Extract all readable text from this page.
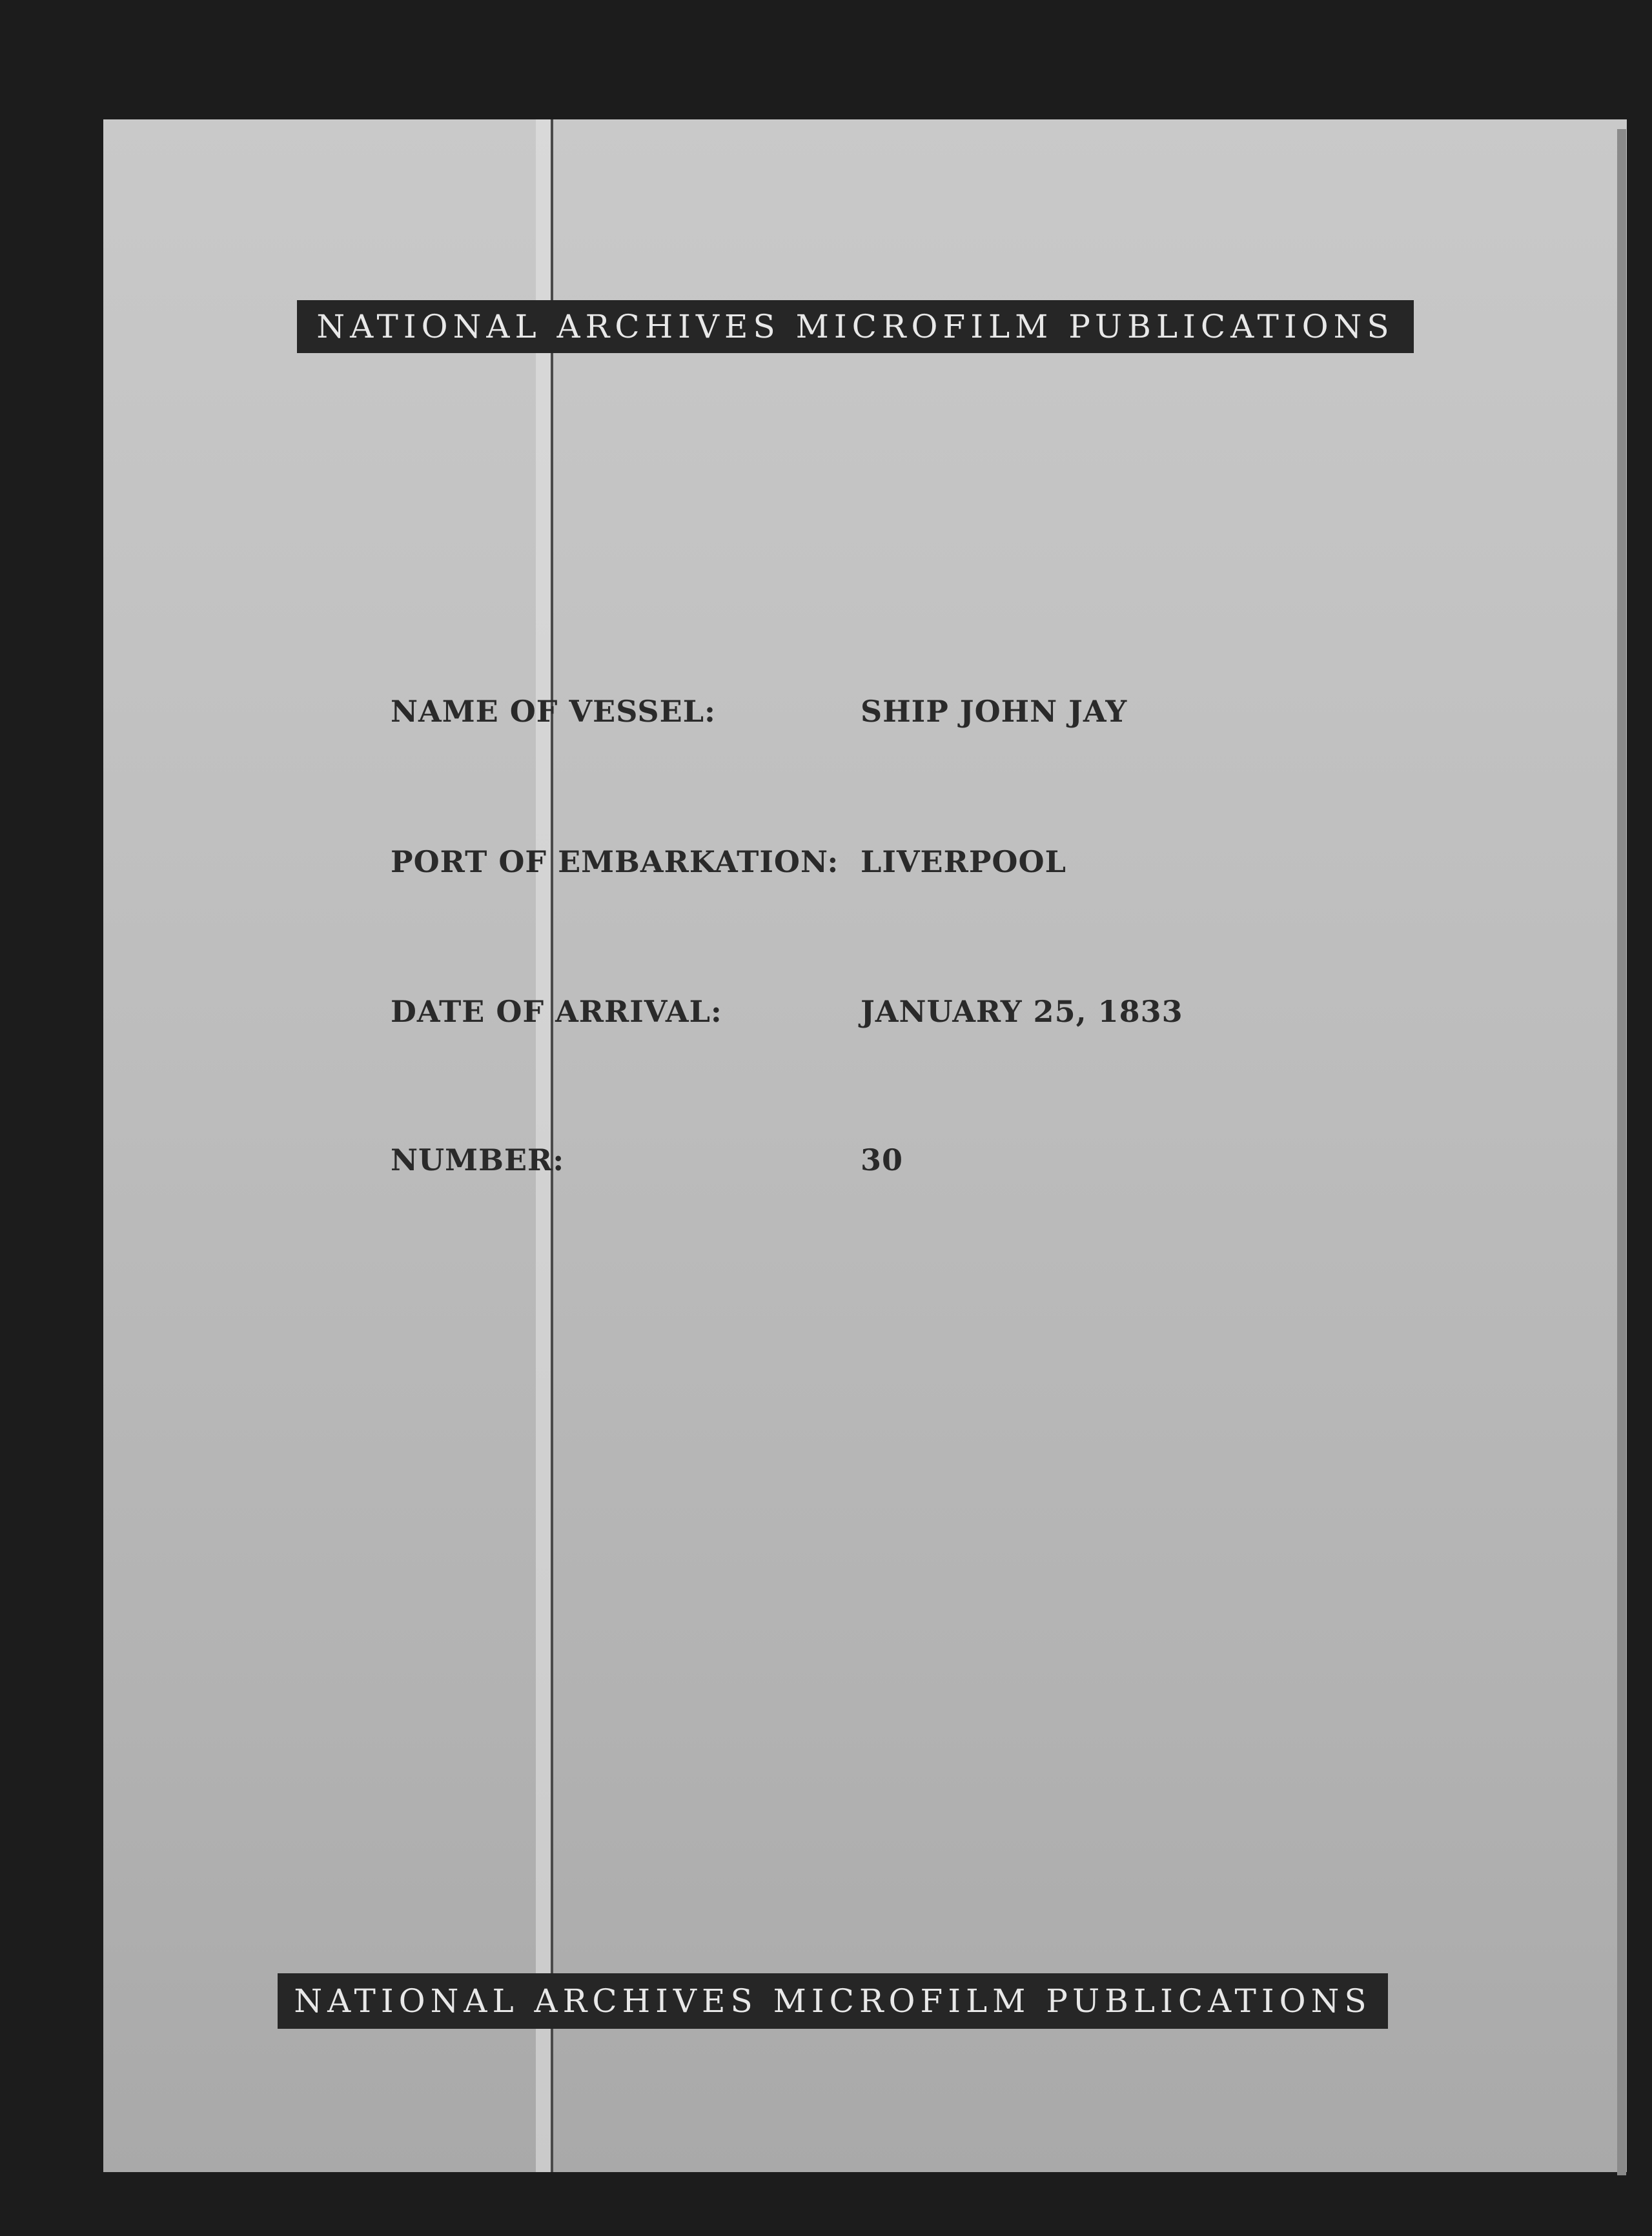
NATIONAL ARCHIVES MICROFILM PUBLICATIONS
NAME OF VESSEL:	SHIP JOHN JAY
PORT OF EMBARKATION: LIVERPOOL
DATE OF ARRIVAL:	JANUARY 25, 1833
NUMBER:	30
NATIONAL ARCHIVES MICROFILM PUBLICATIONS
